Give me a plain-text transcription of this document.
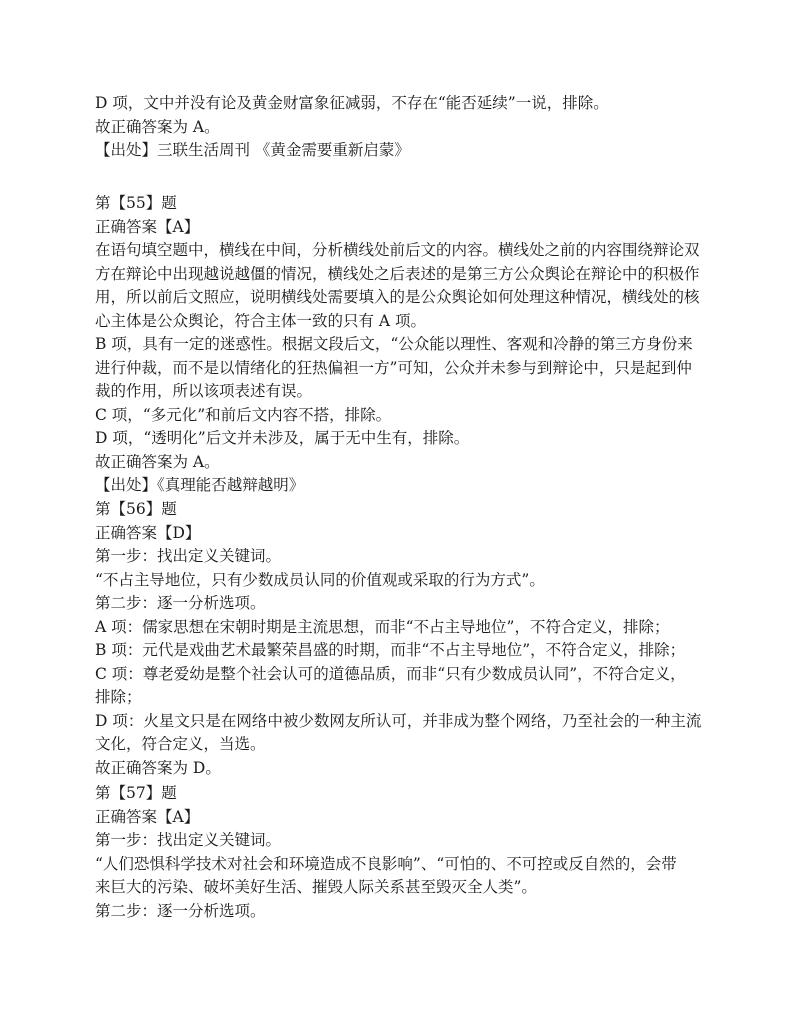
D 项，文中并没有论及黄金财富象征减弱，不存在“能否延续”一说，排除。
故正确答案为 A。
【出处】三联生活周刊 《黄金需要重新启蒙》
第【55】题
正确答案【A】
在语句填空题中，横线在中间，分析横线处前后文的内容。横线处之前的内容围绕辩论双
方在辩论中出现越说越僵的情况，横线处之后表述的是第三方公众舆论在辩论中的积极作
用，所以前后文照应，说明横线处需要填入的是公众舆论如何处理这种情况，横线处的核
心主体是公众舆论，符合主体一致的只有 A 项。
B 项，具有一定的迷惑性。根据文段后文，“公众能以理性、客观和冷静的第三方身份来
进行仲裁，而不是以情绪化的狂热偏袒一方”可知，公众并未参与到辩论中，只是起到仲
裁的作用，所以该项表述有误。
C 项，“多元化”和前后文内容不搭，排除。
D 项，“透明化”后文并未涉及，属于无中生有，排除。
故正确答案为 A。
【出处】《真理能否越辩越明》
第【56】题
正确答案【D】
第一步：找出定义关键词。
“不占主导地位，只有少数成员认同的价值观或采取的行为方式”。
第二步：逐一分析选项。
A 项：儒家思想在宋朝时期是主流思想，而非“不占主导地位”，不符合定义，排除；
B 项：元代是戏曲艺术最繁荣昌盛的时期，而非“不占主导地位”，不符合定义，排除；
C 项：尊老爱幼是整个社会认可的道德品质，而非“只有少数成员认同”，不符合定义，
排除；
D 项：火星文只是在网络中被少数网友所认可，并非成为整个网络，乃至社会的一种主流
文化，符合定义，当选。
故正确答案为 D。
第【57】题
正确答案【A】
第一步：找出定义关键词。
“人们恐惧科学技术对社会和环境造成不良影响”、“可怕的、不可控或反自然的，会带
来巨大的污染、破坏美好生活、摧毁人际关系甚至毁灭全人类”。
第二步：逐一分析选项。
